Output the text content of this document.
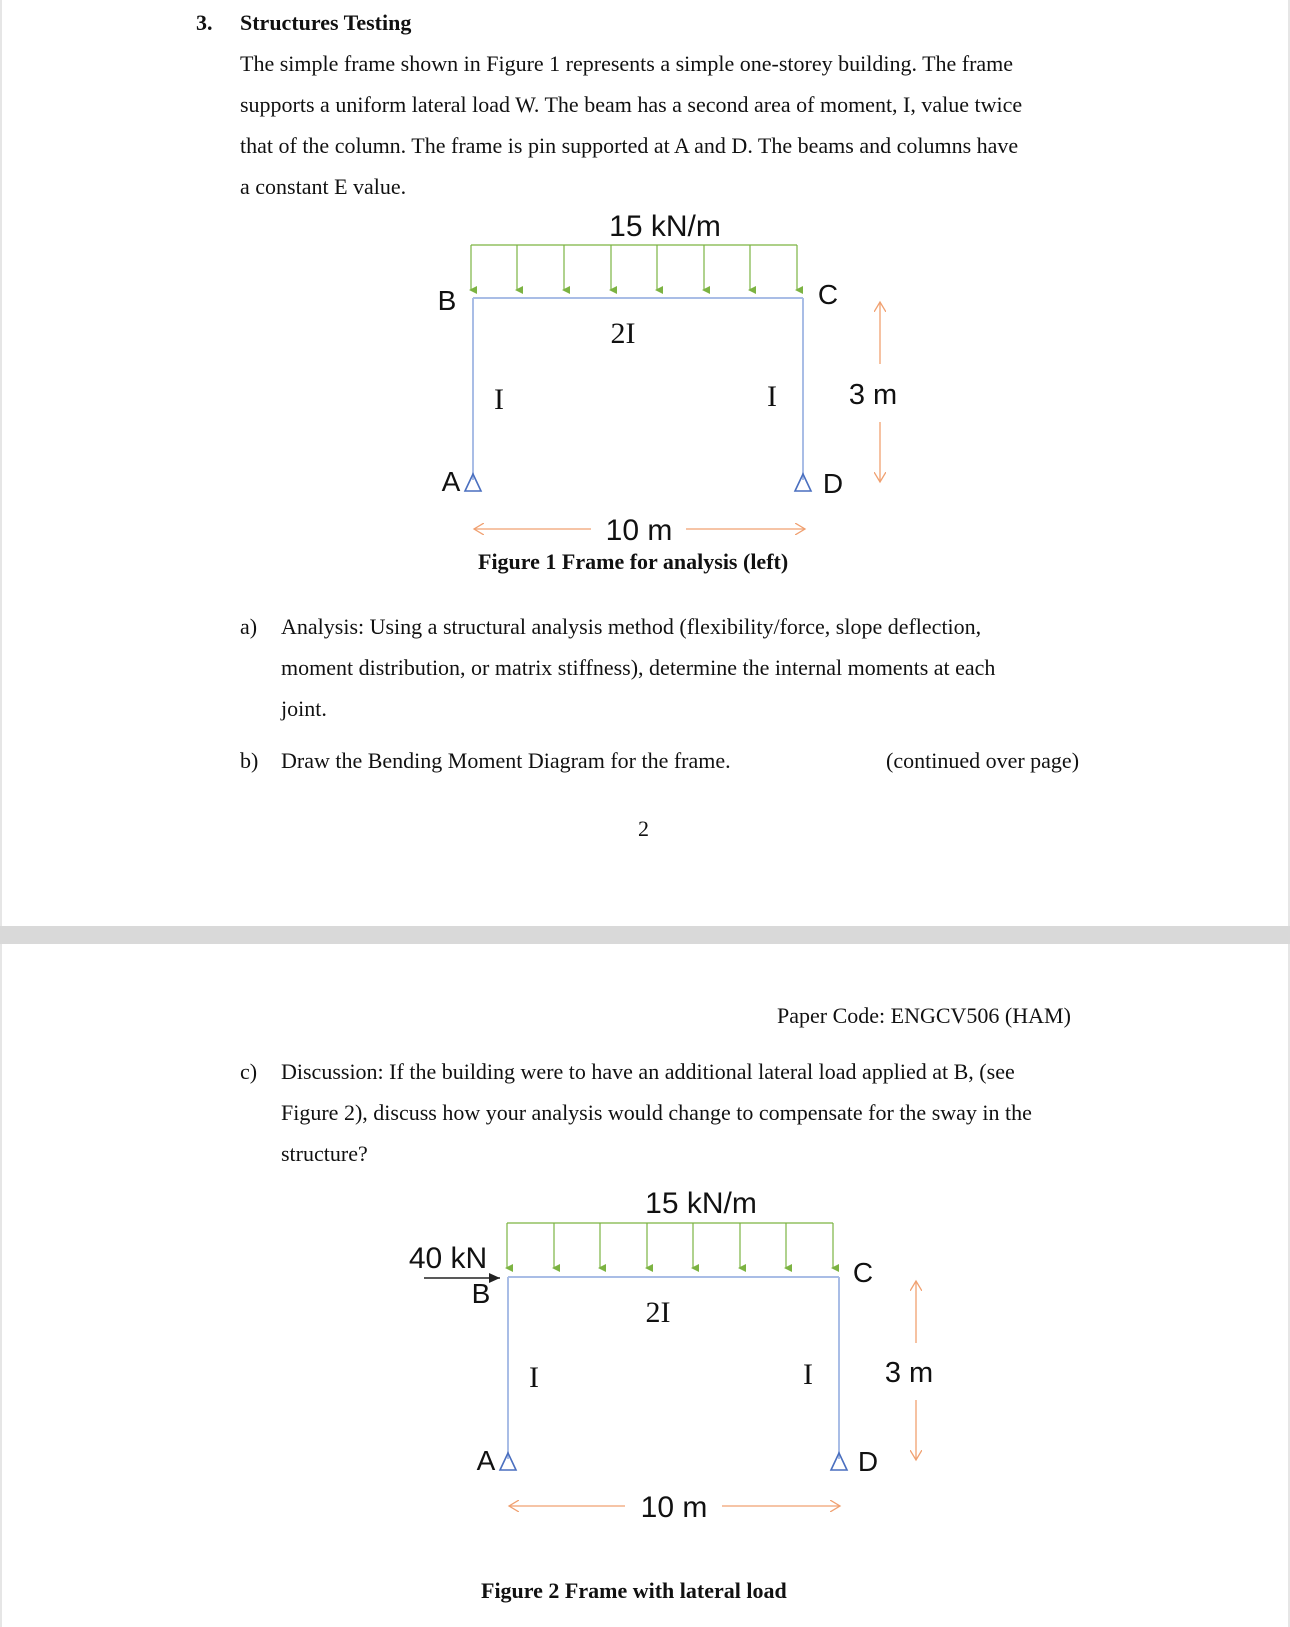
3. Structures Testing
The simple frame shown in Figure 1 represents a simple one-storey building. The frame
supports a uniform lateral load W. The beam has a second area of moment, I, value twice
that of the column. The frame is pin supported at A and D. The beams and columns have
a constant E value.
15 kN/m
B	C
A	D
2I
I	I 3 m
10 m
Figure 1 Frame for analysis (left)
a) Analysis: Using a structural analysis method (flexibility/force, slope deflection,
moment distribution, or matrix stiffness), determine the internal moments at each
joint.
b) Draw the Bending Moment Diagram for the frame.	(continued over page)
2
Paper Code: ENGCV506 (HAM)
c) Discussion: If the building were to have an additional lateral load applied at B, (see
Figure 2), discuss how your analysis would change to compensate for the sway in the
structure?
15 kN/m
40 kN
B
C
A	D
2I
I	I 3 m
10 m
Figure 2 Frame with lateral load
